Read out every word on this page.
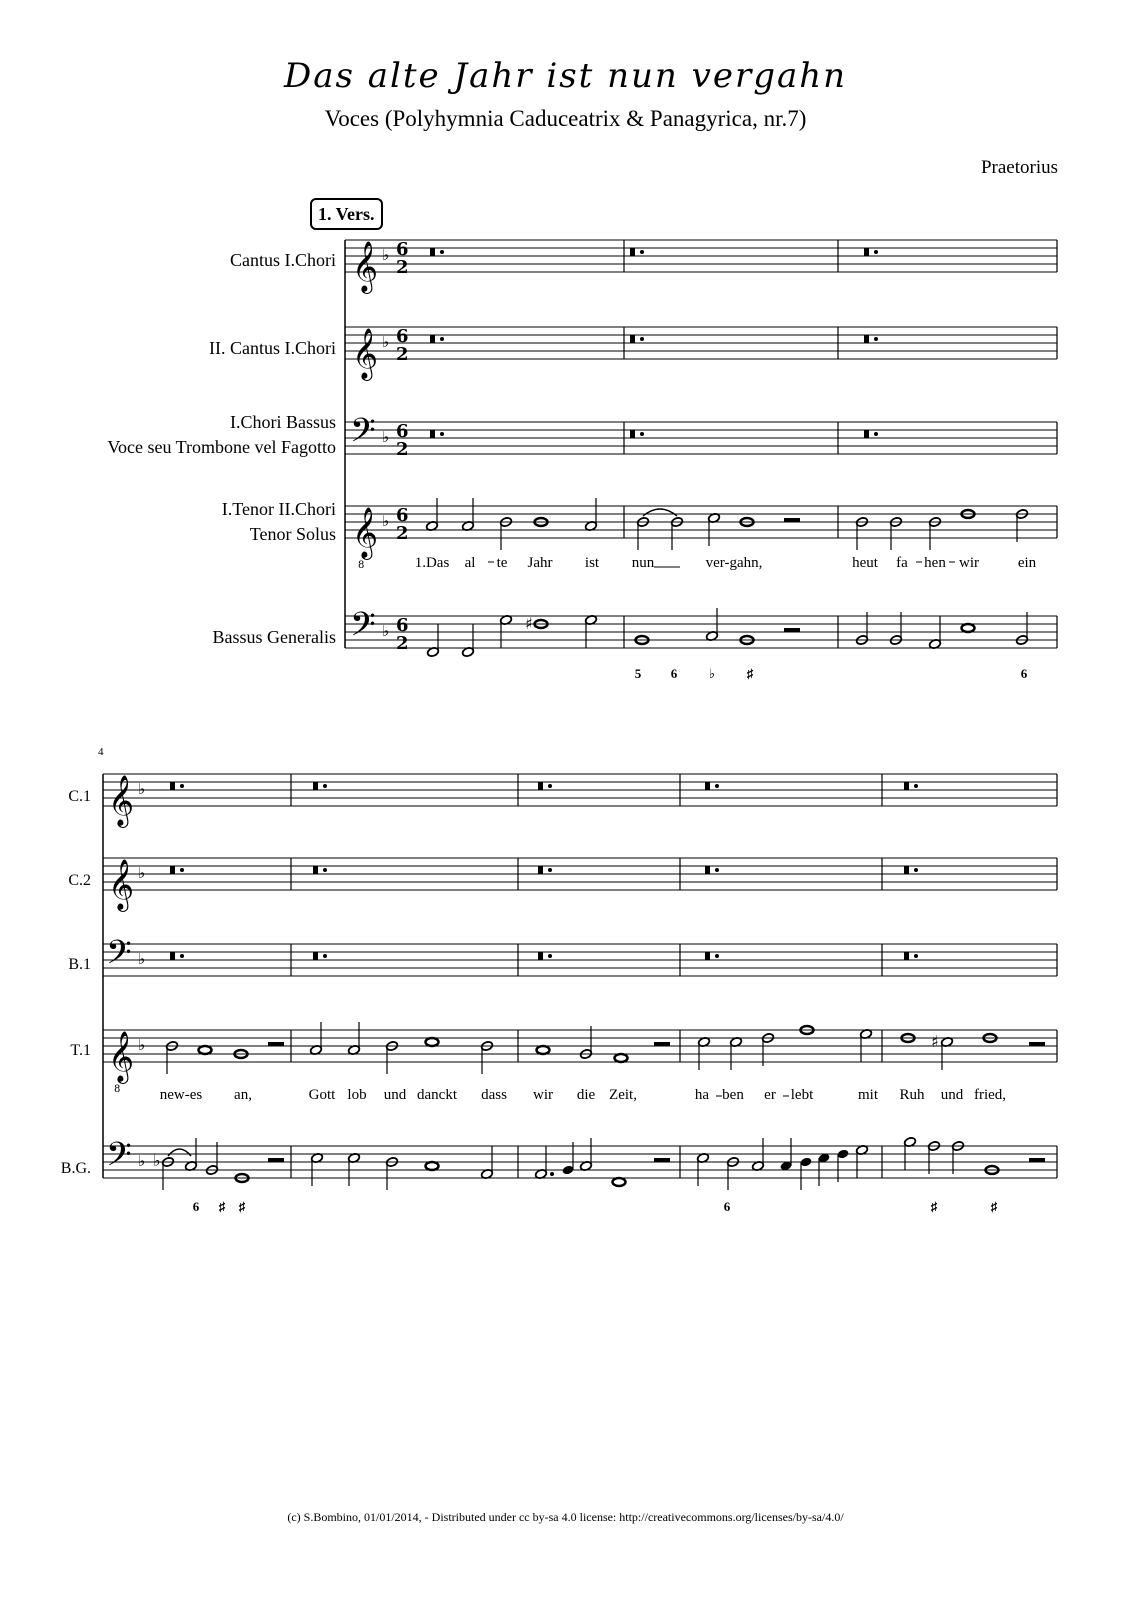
Das alte Jahr ist nun vergahn
Voces (Polyhymnia Caduceatrix & Panagyrica, nr.7)
Praetorius
1. Vers.
Cantus I.Chori
II. Cantus I.Chori
I.Chori Bassus
Voce seu Trombone vel Fagotto
I.Tenor II.Chori
Tenor Solus
Bassus Generalis
C.1
C.2
B.1
T.1
B.G.
4
1.Das al te Jahr ist nun	ver-gahn,	heut fa hen wir	ein
new-es an,	Gott lob und danckt dass wir die Zeit,	ha ben er lebt	mit Ruh und fried,
5 6 ♭ ♯	6
6 ♯ ♯	6	♯	♯
(c) S.Bombino, 01/01/2014, - Distributed under cc by-sa 4.0 license: http://creativecommons.org/licenses/by-sa/4.0/
𝄞 ♭ 6
2
𝄞 ♭ 6
2
𝄢 ♭ 6
2
𝄞 ♭
8
6
2
𝄢 ♭ 6
2
♯
𝄞 ♭
𝄞 ♭
𝄢 ♭
𝄞 ♭
8
𝄢 ♭
♯
♭
